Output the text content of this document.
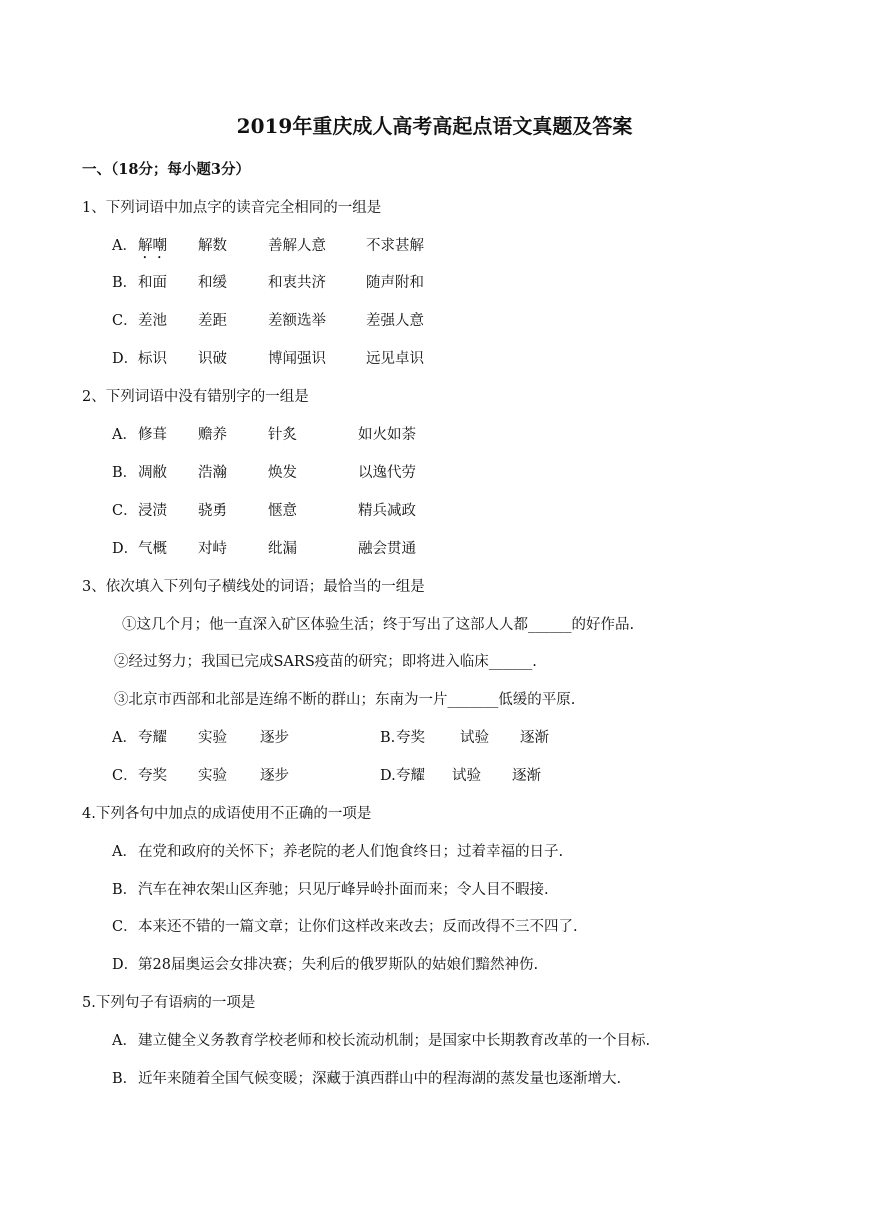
2019年重庆成人高考高起点语文真题及答案
一、（18分；每小题3分）
1、下列词语中加点字的读音完全相同的一组是
A． 解嘲 解数	善解人意	不求甚解
B． 和面 和缓	和衷共济	随声附和
C． 差池 差距	差额选举	差强人意
D． 标识 识破	博闻强识	远见卓识
2、下列词语中没有错别字的一组是
A． 修葺 赡养	针炙	如火如荼
B． 凋敝 浩瀚	焕发	以逸代劳
C． 浸渍 骁勇	惬意	精兵减政
D． 气概 对峙	纰漏	融会贯通
3、依次填入下列句子横线处的词语；最恰当的一组是
①这几个月；他一直深入矿区体验生活；终于写出了这部人人都______的好作品.
②经过努力；我国已完成SARS疫苗的研究；即将进入临床______.
③北京市西部和北部是连绵不断的群山；东南为一片_______低缓的平原.
A． 夸耀 实验 逐步	B. 夸奖 试验 逐渐
C． 夸奖 实验 逐步	D. 夸耀 试验 逐渐
4.下列各句中加点的成语使用不正确的一项是
A． 在党和政府的关怀下；养老院的老人们饱食终日；过着幸福的日子.
B． 汽车在神农架山区奔驰；只见厅峰异岭扑面而来；令人目不暇接.
C． 本来还不错的一篇文章；让你们这样改来改去；反而改得不三不四了.
D． 第28届奥运会女排决赛；失利后的俄罗斯队的姑娘们黯然神伤.
5.下列句子有语病的一项是
A． 建立健全义务教育学校老师和校长流动机制；是国家中长期教育改革的一个目标.
B． 近年来随着全国气候变暖；深藏于滇西群山中的程海湖的蒸发量也逐渐增大.
